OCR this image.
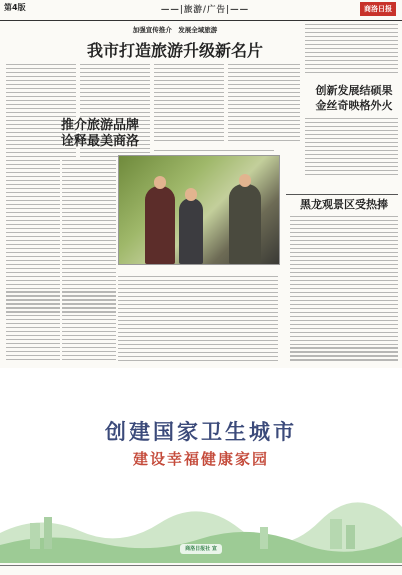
第4版	——|旅游/广告|——	商洛日报
加强宣传推介　发展全域旅游
我市打造旅游升级新名片
推介旅游品牌
诠释最美商洛
创新发展结硕果
金丝奇映格外火
黑龙观景区受热捧
创建国家卫生城市
建设幸福健康家园
商洛日报社 宣
